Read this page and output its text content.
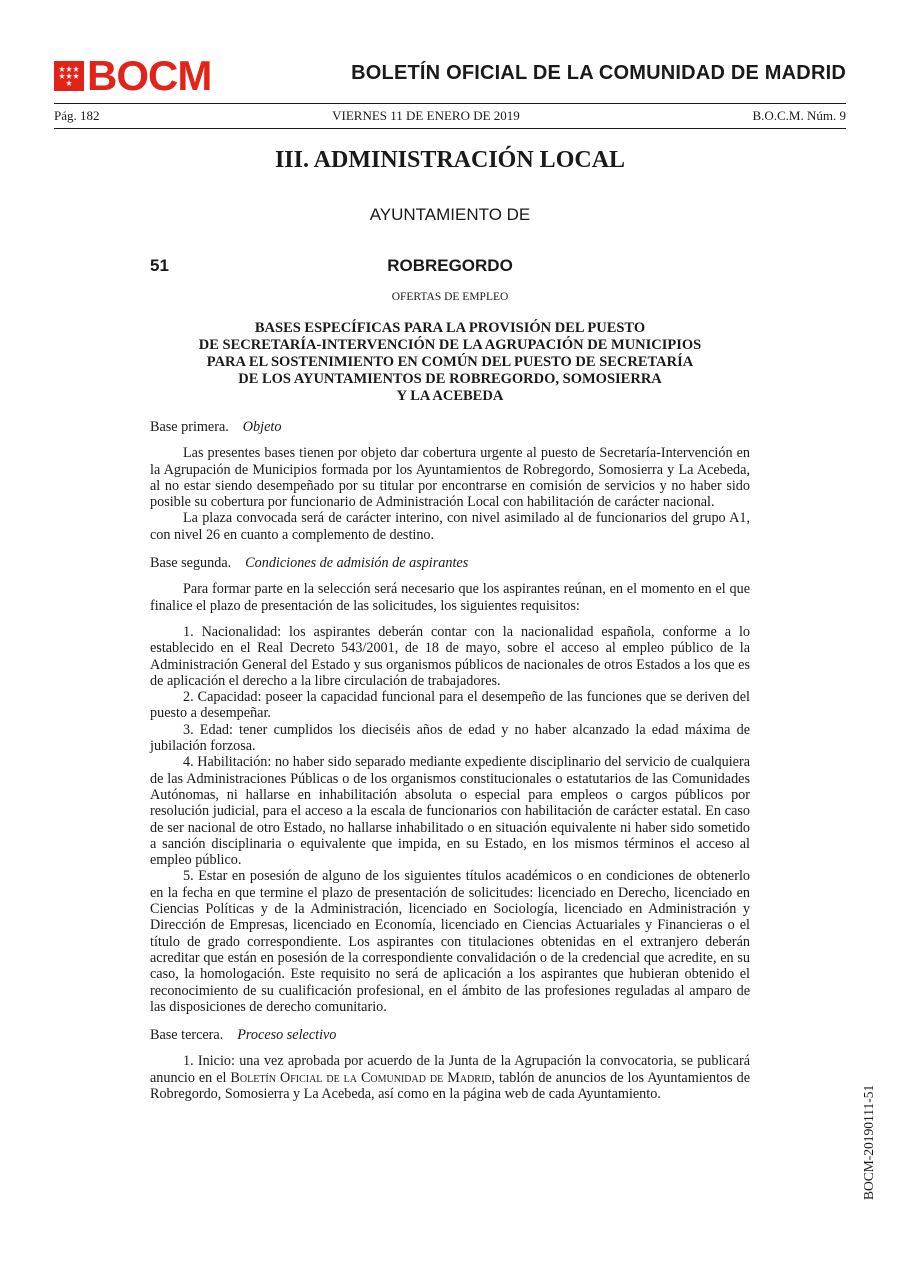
BOCM	BOLETÍN OFICIAL DE LA COMUNIDAD DE MADRID
Pág. 182	VIERNES 11 DE ENERO DE 2019	B.O.C.M. Núm. 9
III. ADMINISTRACIÓN LOCAL
AYUNTAMIENTO DE
51	ROBREGORDO
OFERTAS DE EMPLEO
BASES ESPECÍFICAS PARA LA PROVISIÓN DEL PUESTO
DE SECRETARÍA-INTERVENCIÓN DE LA AGRUPACIÓN DE MUNICIPIOS
PARA EL SOSTENIMIENTO EN COMÚN DEL PUESTO DE SECRETARÍA
DE LOS AYUNTAMIENTOS DE ROBREGORDO, SOMOSIERRA
Y LA ACEBEDA

Base primera. Objeto

Las presentes bases tienen por objeto dar cobertura urgente al puesto de Secretaría-Intervención en la Agrupación de Municipios formada por los Ayuntamientos de Robregordo, Somosierra y La Acebeda, al no estar siendo desempeñado por su titular por encontrarse en comisión de servicios y no haber sido posible su cobertura por funcionario de Administración Local con habilitación de carácter nacional.

La plaza convocada será de carácter interino, con nivel asimilado al de funcionarios del grupo A1, con nivel 26 en cuanto a complemento de destino.

Base segunda. Condiciones de admisión de aspirantes

Para formar parte en la selección será necesario que los aspirantes reúnan, en el momento en el que finalice el plazo de presentación de las solicitudes, los siguientes requisitos:

1. Nacionalidad: los aspirantes deberán contar con la nacionalidad española, conforme a lo establecido en el Real Decreto 543/2001, de 18 de mayo, sobre el acceso al empleo público de la Administración General del Estado y sus organismos públicos de nacionales de otros Estados a los que es de aplicación el derecho a la libre circulación de trabajadores.

2. Capacidad: poseer la capacidad funcional para el desempeño de las funciones que se deriven del puesto a desempeñar.

3. Edad: tener cumplidos los dieciséis años de edad y no haber alcanzado la edad máxima de jubilación forzosa.

4. Habilitación: no haber sido separado mediante expediente disciplinario del servicio de cualquiera de las Administraciones Públicas o de los organismos constitucionales o estatutarios de las Comunidades Autónomas, ni hallarse en inhabilitación absoluta o especial para empleos o cargos públicos por resolución judicial, para el acceso a la escala de funcionarios con habilitación de carácter estatal. En caso de ser nacional de otro Estado, no hallarse inhabilitado o en situación equivalente ni haber sido sometido a sanción disciplinaria o equivalente que impida, en su Estado, en los mismos términos el acceso al empleo público.

5. Estar en posesión de alguno de los siguientes títulos académicos o en condiciones de obtenerlo en la fecha en que termine el plazo de presentación de solicitudes: licenciado en Derecho, licenciado en Ciencias Políticas y de la Administración, licenciado en Sociología, licenciado en Administración y Dirección de Empresas, licenciado en Economía, licenciado en Ciencias Actuariales y Financieras o el título de grado correspondiente. Los aspirantes con titulaciones obtenidas en el extranjero deberán acreditar que están en posesión de la correspondiente convalidación o de la credencial que acredite, en su caso, la homologación. Este requisito no será de aplicación a los aspirantes que hubieran obtenido el reconocimiento de su cualificación profesional, en el ámbito de las profesiones reguladas al amparo de las disposiciones de derecho comunitario.

Base tercera. Proceso selectivo

1. Inicio: una vez aprobada por acuerdo de la Junta de la Agrupación la convocatoria, se publicará anuncio en el Boletín Oficial de la Comunidad de Madrid, tablón de anuncios de los Ayuntamientos de Robregordo, Somosierra y La Acebeda, así como en la página web de cada Ayuntamiento.	BOCM-20190111-51
